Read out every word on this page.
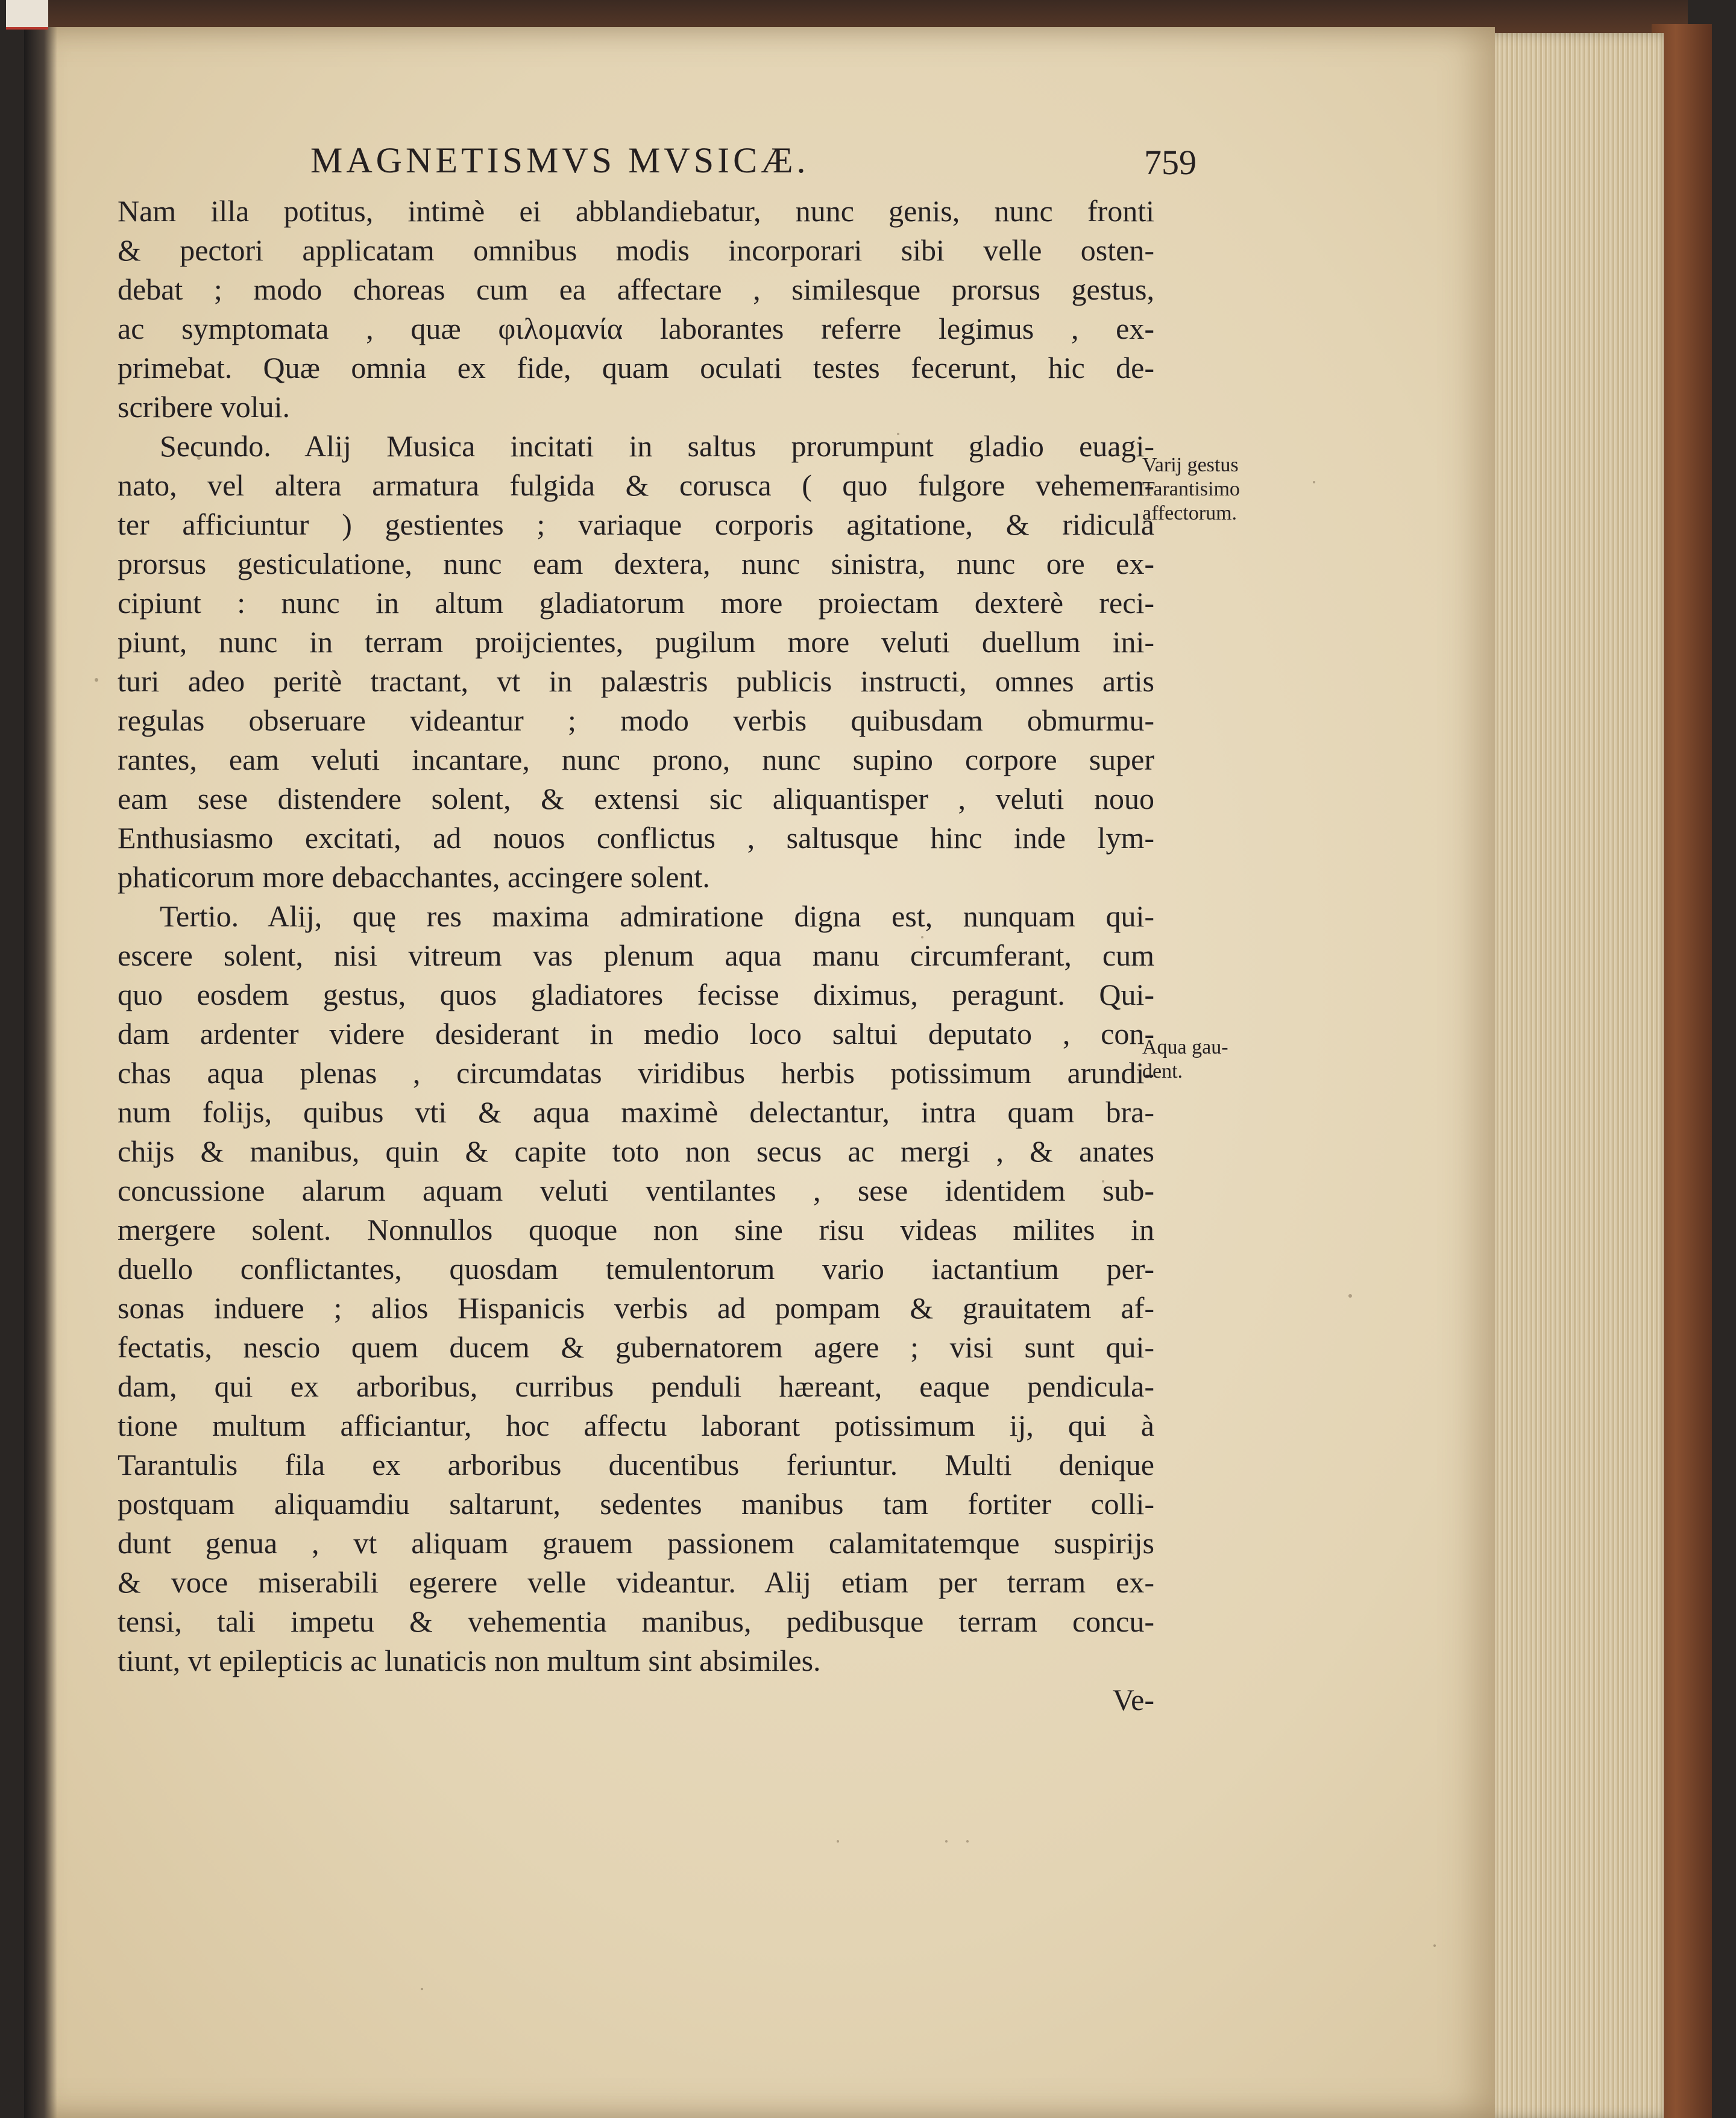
MAGNETISMVS MVSICÆ.	759
Nam illa potitus, intimè ei abblandiebatur, nunc genis, nunc fronti
& pectori applicatam omnibus modis incorporari sibi velle osten-
debat ; modo choreas cum ea affectare , similesque prorsus gestus,
ac symptomata , quæ φιλομανία laborantes referre legimus , ex-
primebat. Quæ omnia ex fide, quam oculati testes fecerunt, hic de-
scribere volui.
Secundo. Alij Musica incitati in saltus prorumpunt gladio euagi-
nato, vel altera armatura fulgida & corusca ( quo fulgore vehemen-
ter afficiuntur ) gestientes ; variaque corporis agitatione, & ridicula
prorsus gesticulatione, nunc eam dextera, nunc sinistra, nunc ore ex-
cipiunt : nunc in altum gladiatorum more proiectam dexterè reci-
piunt, nunc in terram proijcientes, pugilum more veluti duellum ini-
turi adeo peritè tractant, vt in palæstris publicis instructi, omnes artis
regulas obseruare videantur ; modo verbis quibusdam obmurmu-
rantes, eam veluti incantare, nunc prono, nunc supino corpore super
eam sese distendere solent, & extensi sic aliquantisper , veluti nouo
Enthusiasmo excitati, ad nouos conflictus , saltusque hinc inde lym-
phaticorum more debacchantes, accingere solent.
Tertio. Alij, quę res maxima admiratione digna est, nunquam qui-
escere solent, nisi vitreum vas plenum aqua manu circumferant, cum
quo eosdem gestus, quos gladiatores fecisse diximus, peragunt. Qui-
dam ardenter videre desiderant in medio loco saltui deputato , con-
chas aqua plenas , circumdatas viridibus herbis potissimum arundi-
num folijs, quibus vti & aqua maximè delectantur, intra quam bra-
chijs & manibus, quin & capite toto non secus ac mergi , & anates
concussione alarum aquam veluti ventilantes , sese identidem sub-
mergere solent. Nonnullos quoque non sine risu videas milites in
duello conflictantes, quosdam temulentorum vario iactantium per-
sonas induere ; alios Hispanicis verbis ad pompam & grauitatem af-
fectatis, nescio quem ducem & gubernatorem agere ; visi sunt qui-
dam, qui ex arboribus, curribus penduli hæreant, eaque pendicula-
tione multum afficiantur, hoc affectu laborant potissimum ij, qui à
Tarantulis fila ex arboribus ducentibus feriuntur. Multi denique
postquam aliquamdiu saltarunt, sedentes manibus tam fortiter colli-
dunt genua , vt aliquam grauem passionem calamitatemque suspirijs
& voce miserabili egerere velle videantur. Alij etiam per terram ex-
tensi, tali impetu & vehementia manibus, pedibusque terram concu-
tiunt, vt epilepticis ac lunaticis non multum sint absimiles.
Ve-
Varij gestus
Tarantisimo
affectorum.
Aqua gau-
dent.
